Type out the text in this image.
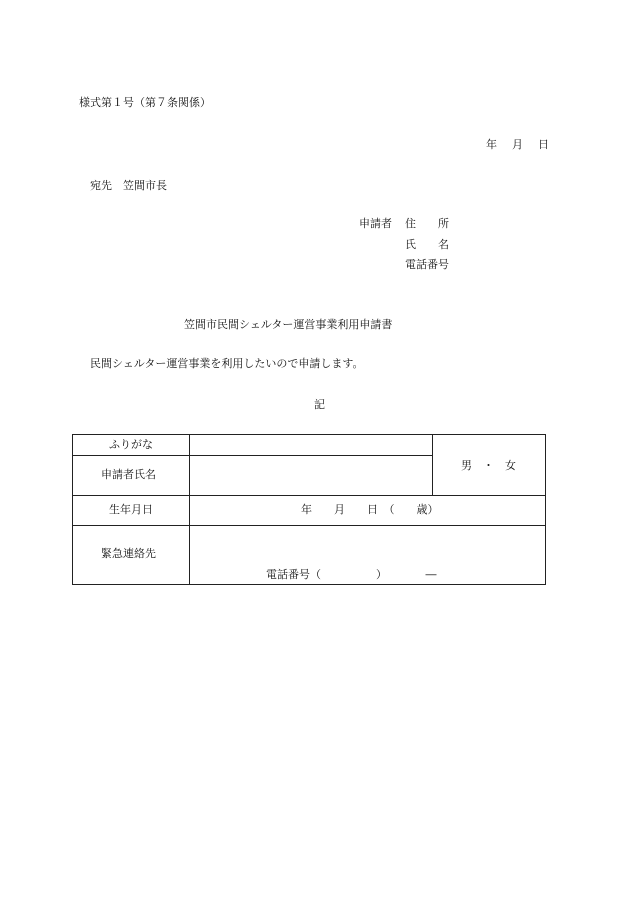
様式第１号（第７条関係）
年 月 日
宛先 笠間市長
申請者 住　　所
氏　　名
電話番号
笠間市民間シェルター運営事業利用申請書
民間シェルター運営事業を利用したいので申請します。
記
ふりがな
申請者氏名
男　・　女
生年月日	年　　月　　日　（　　歳）
緊急連絡先
電話番号（　　　　　）　　　　―
